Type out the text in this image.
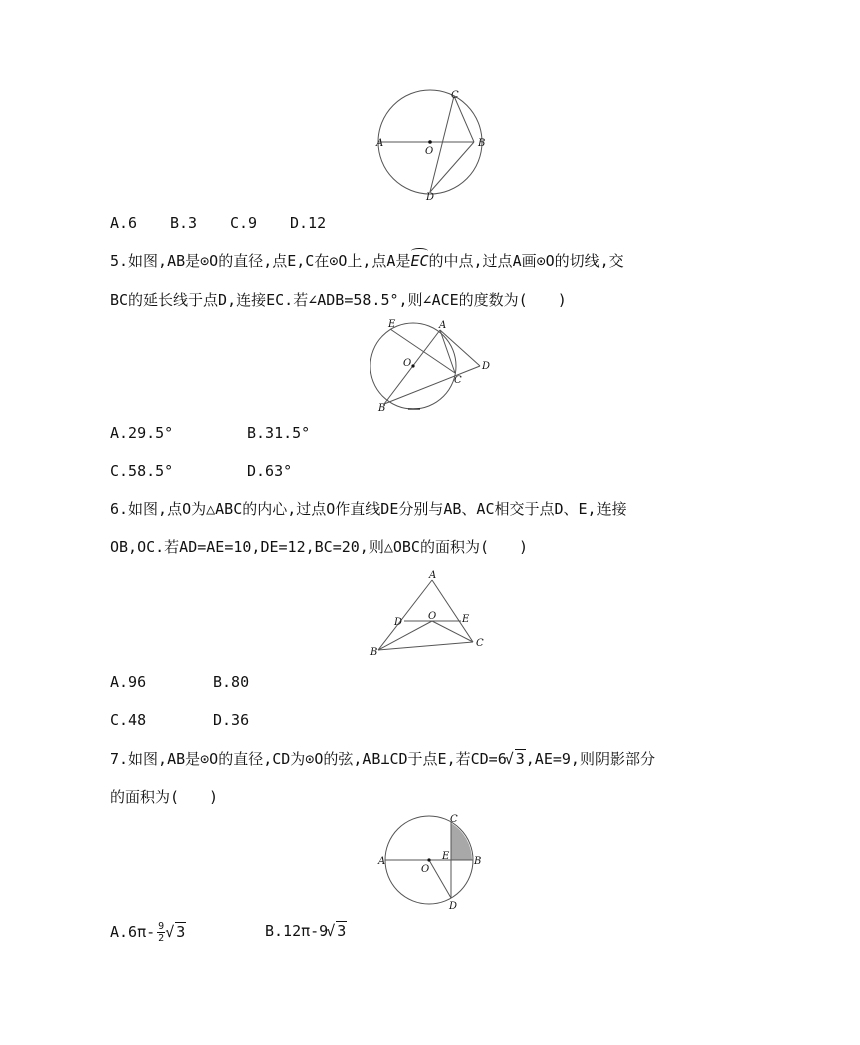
A	B
C
D
O
A.6 B.3 C.9 D.12
5.如图,AB是⊙O的直径,点E,C在⊙O上,点A是EC的中点,过点A画⊙O的切线,交
BC的延长线于点D,连接EC.若∠ADB=58.5°,则∠ACE的度数为(　　)
E	A
O
C
D
B
A.29.5°	B.31.5°
C.58.5°	D.63°
6.如图,点O为△ABC的内心,过点O作直线DE分别与AB、AC相交于点D、E,连接
OB,OC.若AD=AE=10,DE=12,BC=20,则△OBC的面积为(　　)
A
D
O	E
B
C
A.96	B.80
C.48	D.36
7.如图,AB是⊙O的直径,CD为⊙O的弦,AB⊥CD于点E,若CD=6 √ 3,AE=9,则阴影部分
的面积为(　　)
C
A	E B
O
D
$A.6\pi- \frac{9}{2}$ √ 3	B.12π-9 √ 3
